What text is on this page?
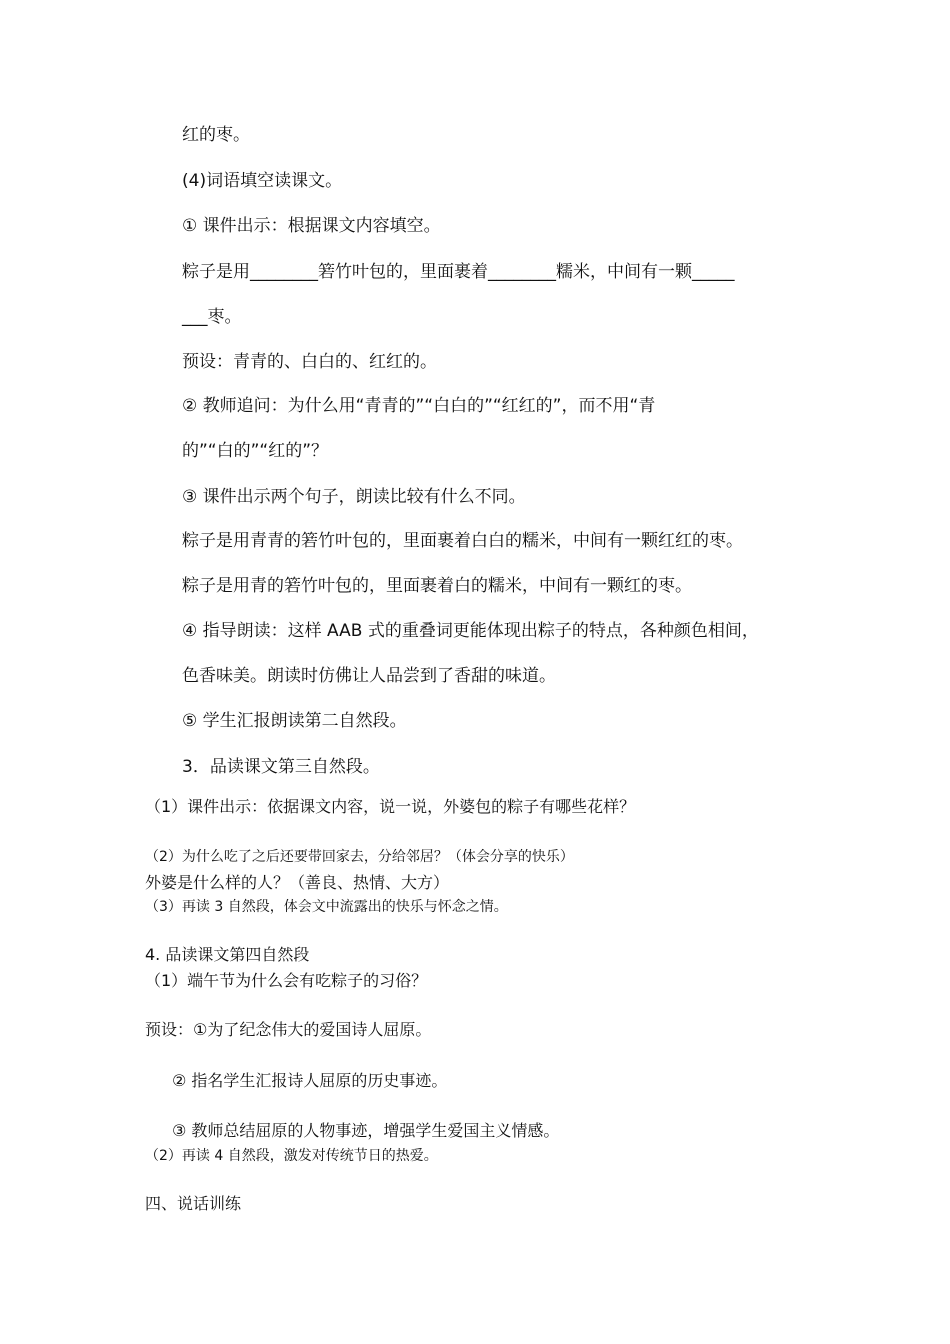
红的枣。

(4)词语填空读课文。

① 课件出示：根据课文内容填空。

粽子是用________箬竹叶包的，里面裹着________糯米，中间有一颗_____

___枣。

预设：青青的、白白的、红红的。

② 教师追问：为什么用“青青的”“白白的”“红红的”，而不用“青

的”“白的”“红的”？

③ 课件出示两个句子，朗读比较有什么不同。

粽子是用青青的箬竹叶包的，里面裹着白白的糯米，中间有一颗红红的枣。

粽子是用青的箬竹叶包的，里面裹着白的糯米，中间有一颗红的枣。

④ 指导朗读：这样 AAB 式的重叠词更能体现出粽子的特点，各种颜色相间，

色香味美。朗读时仿佛让人品尝到了香甜的味道。

⑤ 学生汇报朗读第二自然段。

3．品读课文第三自然段。

（1）课件出示：依据课文内容，说一说，外婆包的粽子有哪些花样？

（2）为什么吃了之后还要带回家去，分给邻居？（体会分享的快乐）

外婆是什么样的人？（善良、热情、大方）

（3）再读 3 自然段，体会文中流露出的快乐与怀念之情。

4. 品读课文第四自然段

（1）端午节为什么会有吃粽子的习俗？

预设：①为了纪念伟大的爱国诗人屈原。

② 指名学生汇报诗人屈原的历史事迹。

③ 教师总结屈原的人物事迹，增强学生爱国主义情感。

（2）再读 4 自然段，激发对传统节日的热爱。

四、说话训练
